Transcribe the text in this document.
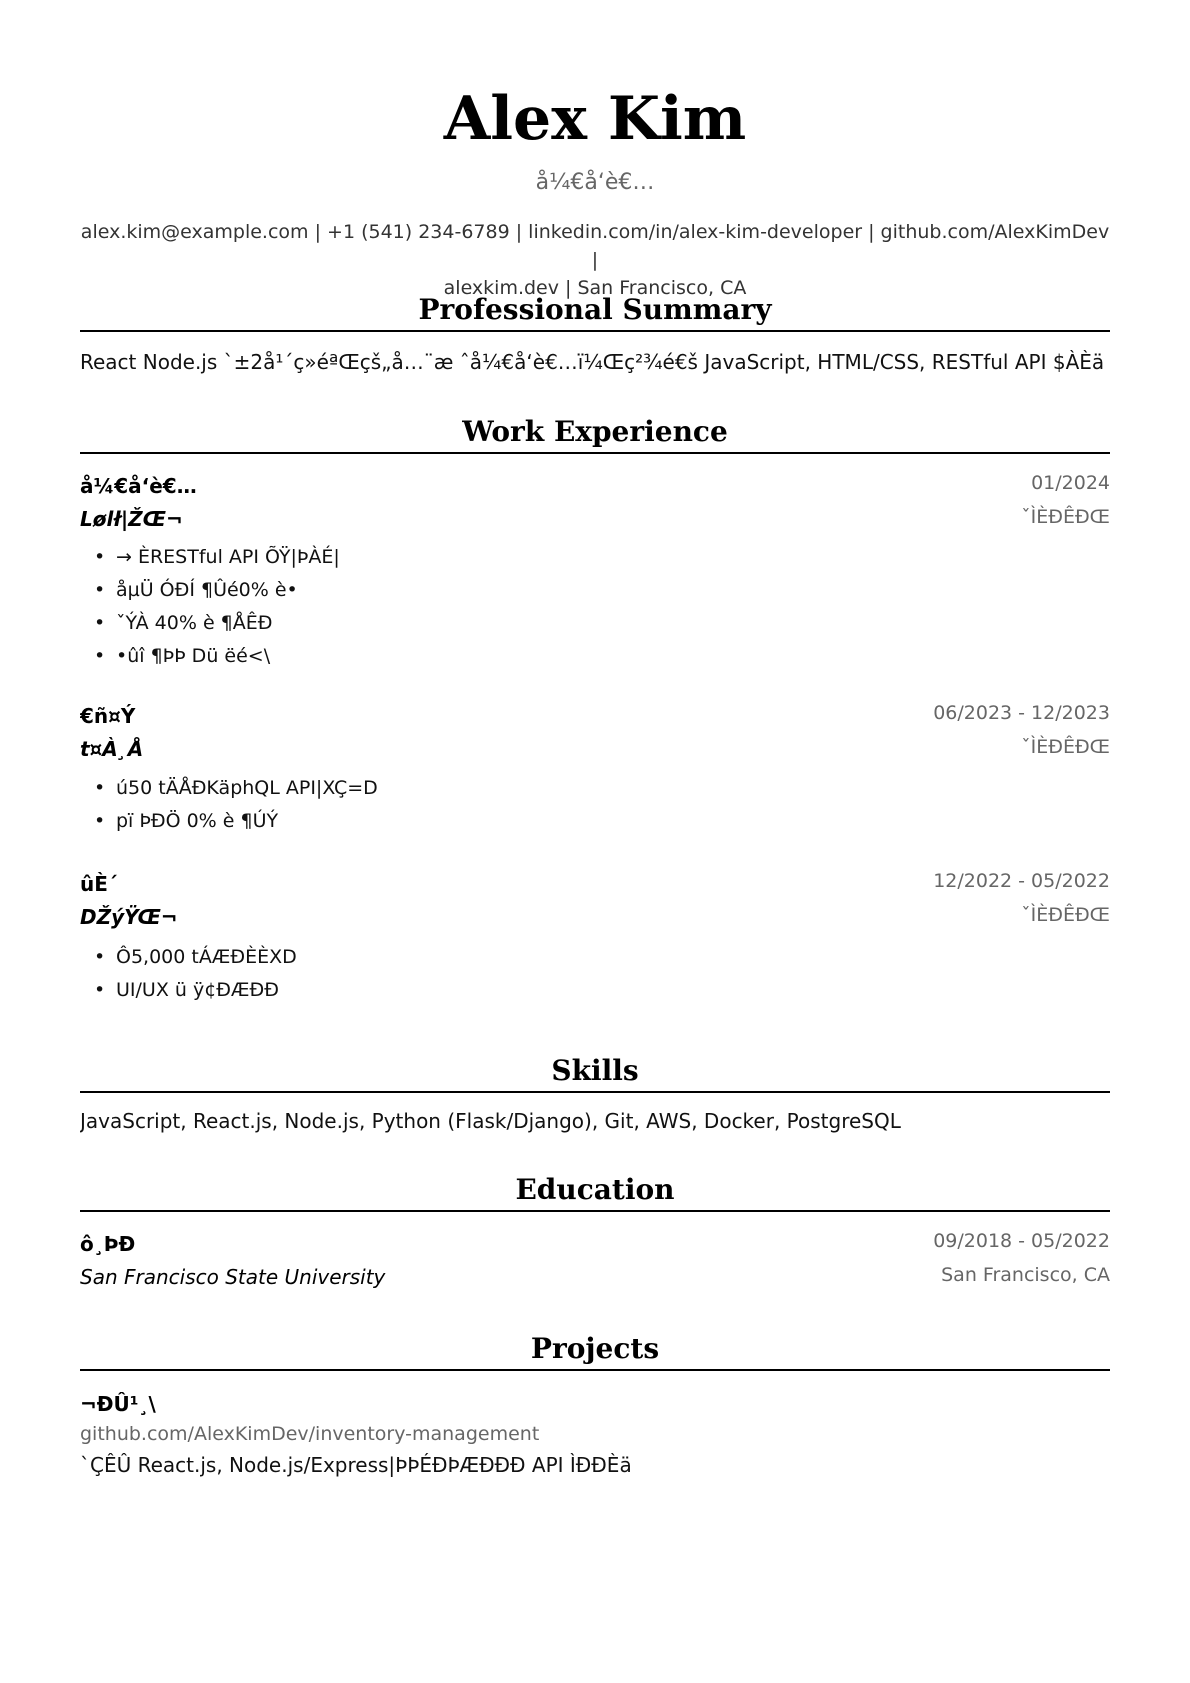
Alex Kim
å¼€å‘è€…
alex.kim@example.com | +1 (541) 234-6789 | linkedin.com/in/alex-kim-developer | github.com/AlexKimDev |
alexkim.dev | San Francisco, CA
Professional Summary
React Node.js `±2å¹´ç»éªŒçš„å…¨æ ˆå¼€å‘è€…ï¼Œç²¾é€š JavaScript, HTML/CSS, RESTful API $ÀÈä
Work Experience
å¼€å‘è€…	01/2024
Lølł|ŽŒ¬	ˇÌÈÐÊÐŒ
• → ÈRESTful API ÕŸ|ÞÀÉ|
• åµÜ ÓÐÍ ¶Ûé0% è•
• ˇÝÀ 40% è ¶ÅÊÐ
• •ûî ¶ÞÞ Dü ëé<\
€ñ¤Ý	06/2023 - 12/2023
t¤À¸Å	ˇÌÈÐÊÐŒ
• ú50 tÄÅÐKäphQL API|XÇ=D
• pï ÞÐÖ 0% è ¶ÚÝ
ûÈ´	12/2022 - 05/2022
DŽýŸŒ¬	ˇÌÈÐÊÐŒ
• Ô5,000 tÁÆÐÈÈXD
• UI/UX ü ÿ¢ÐÆÐÐ
Skills
JavaScript, React.js, Node.js, Python (Flask/Django), Git, AWS, Docker, PostgreSQL
Education
ô¸ÞÐ	09/2018 - 05/2022
San Francisco State University	San Francisco, CA
Projects
¬ÐÛ¹¸\
github.com/AlexKimDev/inventory-management
`ÇÊÛ React.js, Node.js/Express|ÞÞÉÐÞÆÐÐÐ API ÌÐÐÈä
